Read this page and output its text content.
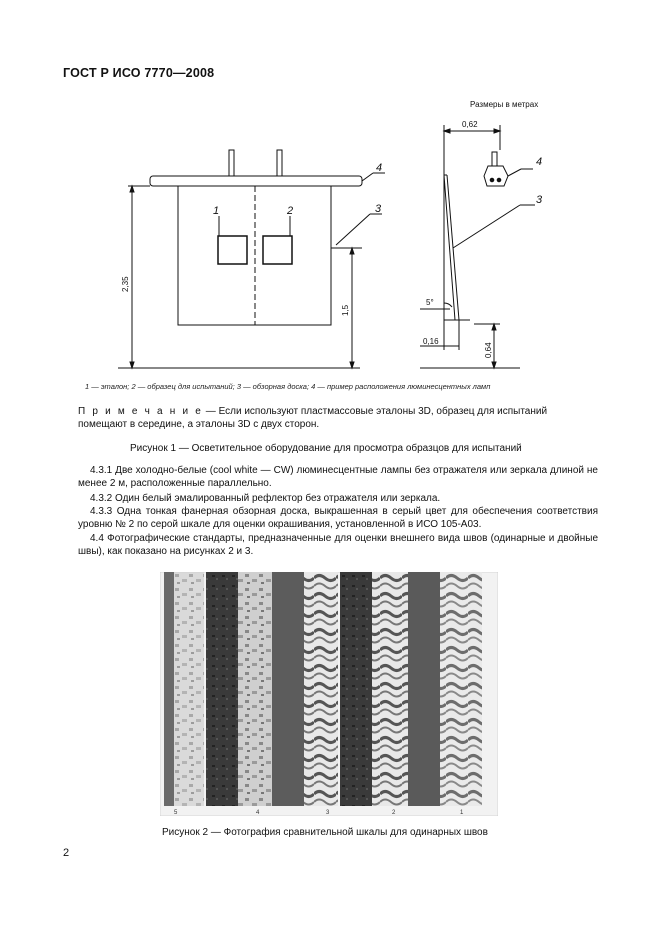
ГОСТ Р ИСО 7770—2008
Размеры в метрах
0,62
2,35
1,5
0,16
0,64
5°
1	2	3
4
3
4
1 — эталон; 2 — образец для испытаний; 3 — обзорная доска; 4 — пример расположения люминесцентных ламп
П р и м е ч а н и е — Если используют пластмассовые эталоны 3D, образец для испытаний помещают в середине, а эталоны 3D с двух сторон.
Рисунок 1 — Осветительное оборудование для просмотра образцов для испытаний
4.3.1 Две холодно-белые (cool white — CW) люминесцентные лампы без отражателя или зеркала длиной не менее 2 м, расположенные параллельно.
4.3.2 Один белый эмалированный рефлектор без отражателя или зеркала.
4.3.3 Одна тонкая фанерная обзорная доска, выкрашенная в серый цвет для обеспечения соответствия уровню № 2 по серой шкале для оценки окрашивания, установленной в ИСО 105-А03.
4.4 Фотографические стандарты, предназначенные для оценки внешнего вида швов (одинарные и двойные швы), как показано на рисунках 2 и 3.
5	4	3	2	1
Рисунок 2 — Фотография сравнительной шкалы для одинарных швов
2
